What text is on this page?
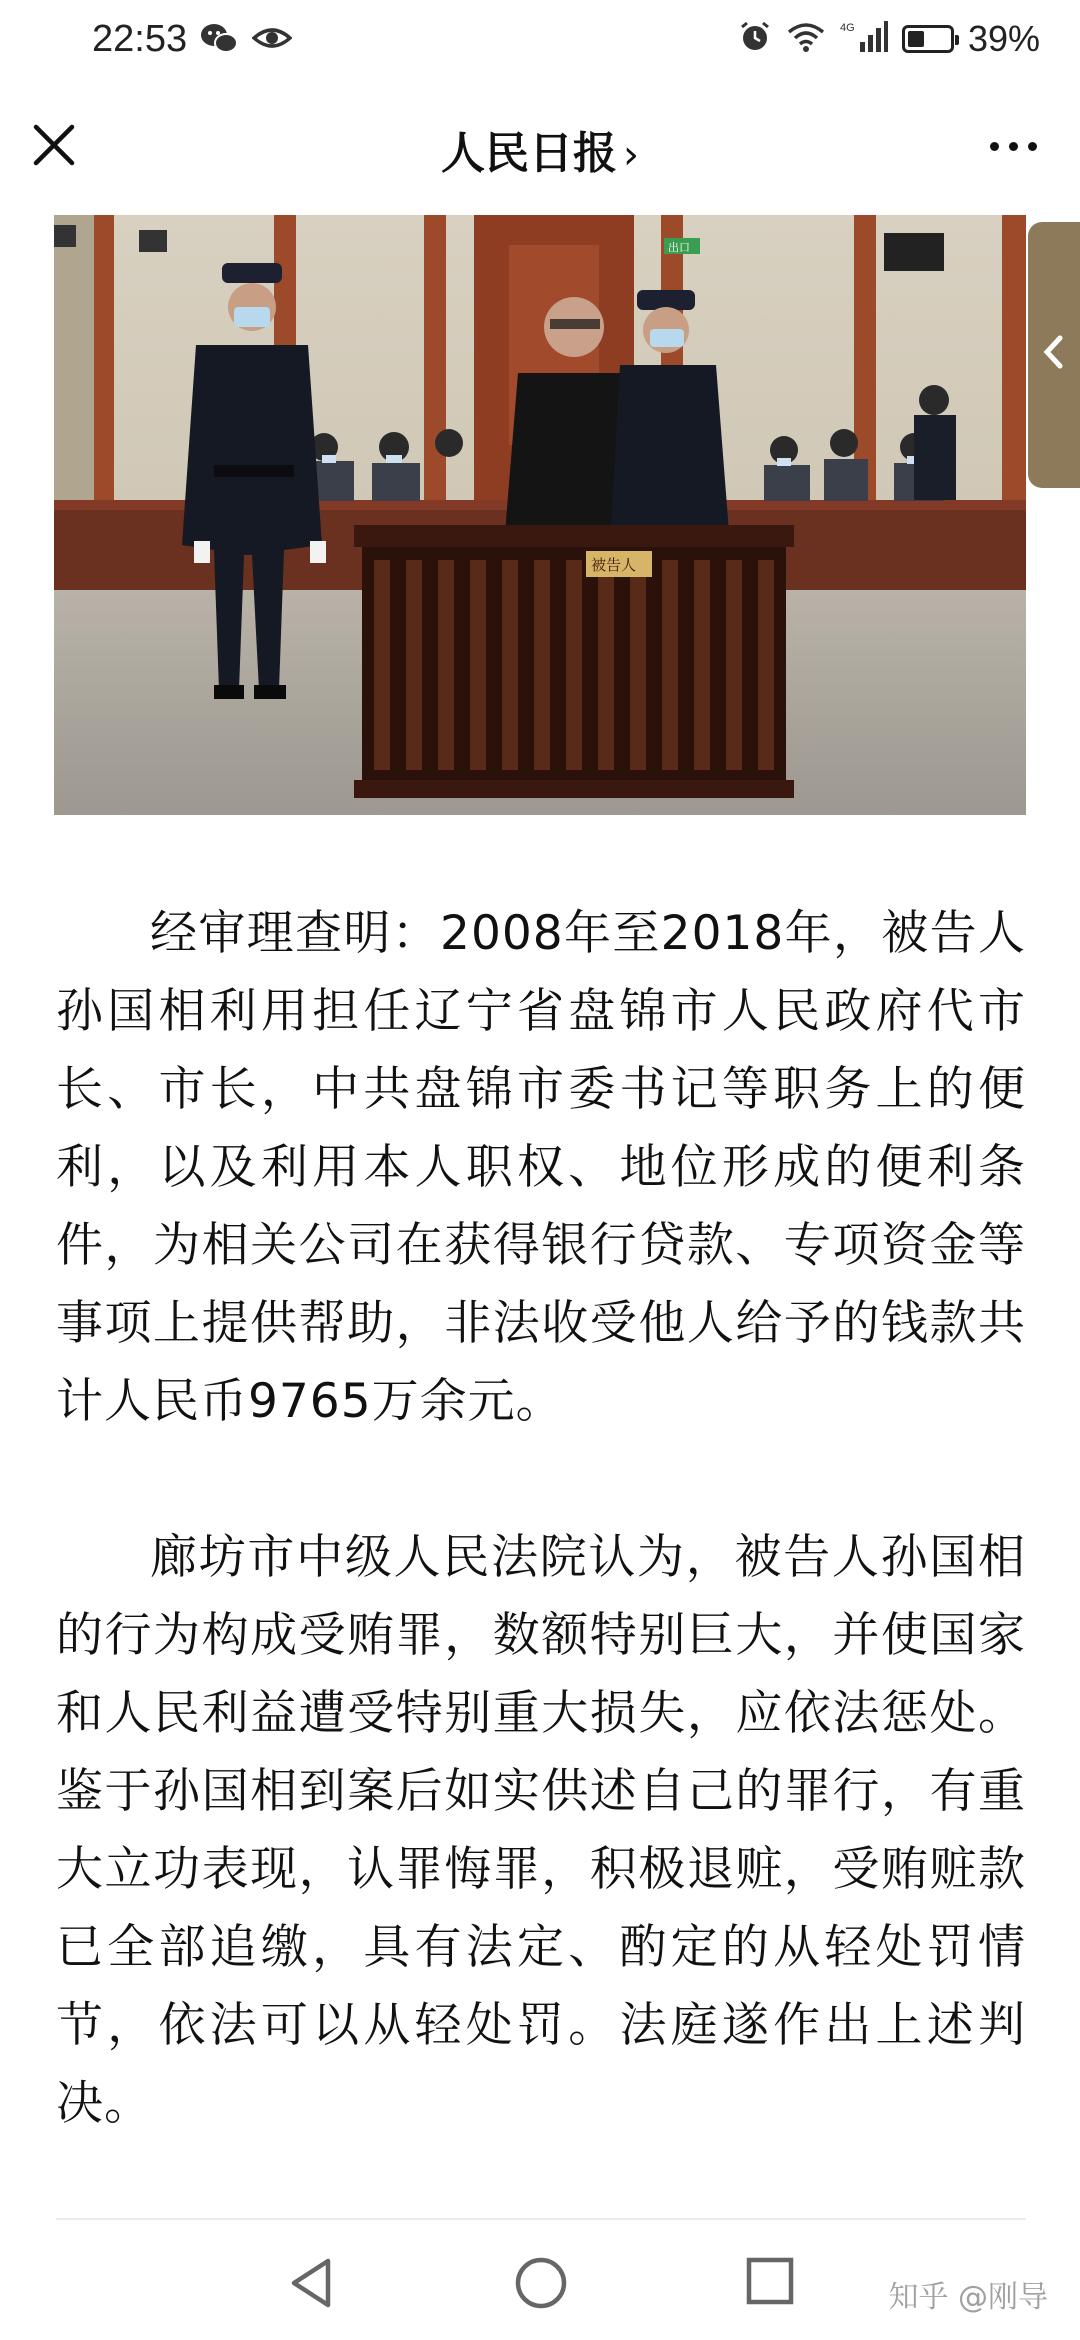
22:53	4G	39%
人民日报 ›
出口
被告人

经审理查明：2008年至2018年，被告人孙国相利用担任辽宁省盘锦市人民政府代市长、市长，中共盘锦市委书记等职务上的便利，以及利用本人职权、地位形成的便利条件，为相关公司在获得银行贷款、专项资金等事项上提供帮助，非法收受他人给予的钱款共计人民币9765万余元。

廊坊市中级人民法院认为，被告人孙国相的行为构成受贿罪，数额特别巨大，并使国家和人民利益遭受特别重大损失，应依法惩处。鉴于孙国相到案后如实供述自己的罪行，有重大立功表现，认罪悔罪，积极退赃，受贿赃款已全部追缴，具有法定、酌定的从轻处罚情节，依法可以从轻处罚。法庭遂作出上述判决。

知乎 @刚导
